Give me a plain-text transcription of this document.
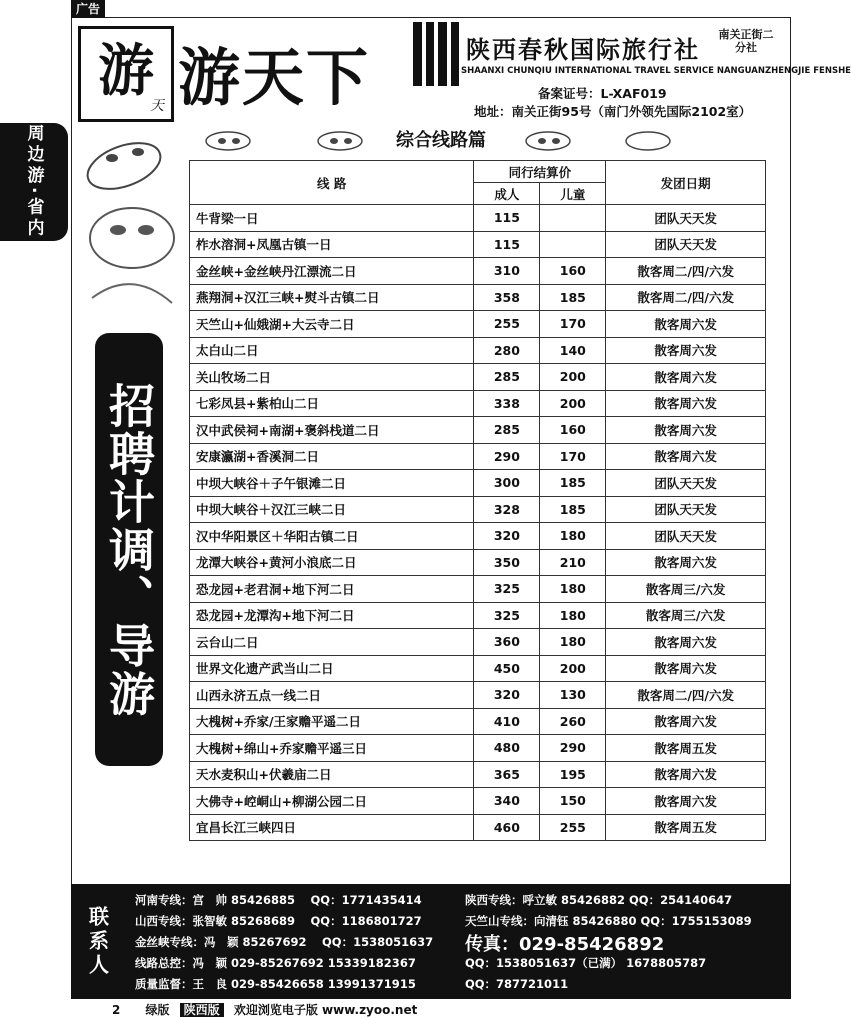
广告
周边游·省内
游 游天下
天
陕西春秋国际旅行社
南关正街二分社
SHAANXI CHUNQIU INTERNATIONAL TRAVEL SERVICE NANGUANZHENGJIE FENSHE
备案证号：L-XAF019
地址：南关正街95号（南门外领先国际2102室）
综合线路篇
招聘计调、导游
线 路	同行结算价		发团日期
	成人	儿童	
牛背梁一日	115		团队天天发
柞水溶洞+凤凰古镇一日	115		团队天天发
金丝峡+金丝峡丹江漂流二日	310	160	散客周二/四/六发
燕翔洞+汉江三峡+熨斗古镇二日	358	185	散客周二/四/六发
天竺山+仙娥湖+大云寺二日	255	170	散客周六发
太白山二日	280	140	散客周六发
关山牧场二日	285	200	散客周六发
七彩凤县+紫柏山二日	338	200	散客周六发
汉中武侯祠+南湖+褒斜栈道二日	285	160	散客周六发
安康瀛湖+香溪洞二日	290	170	散客周六发
中坝大峡谷＋子午银滩二日	300	185	团队天天发
中坝大峡谷＋汉江三峡二日	328	185	团队天天发
汉中华阳景区＋华阳古镇二日	320	180	团队天天发
龙潭大峡谷+黄河小浪底二日	350	210	散客周六发
恐龙园+老君洞+地下河二日	325	180	散客周三/六发
恐龙园+龙潭沟+地下河二日	325	180	散客周三/六发
云台山二日	360	180	散客周六发
世界文化遗产武当山二日	450	200	散客周六发
山西永济五点一线二日	320	130	散客周二/四/六发
大槐树+乔家/王家赡平遥二日	410	260	散客周六发
大槐树+绵山+乔家赡平遥三日	480	290	散客周五发
天水麦积山+伏羲庙二日	365	195	散客周六发
大佛寺+崆峒山+柳湖公园二日	340	150	散客周六发
宜昌长江三峡四日	460	255	散客周五发
联系人
河南专线：宫　帅 85426885　 QQ：1771435414	陕西专线：呼立敏 85426882 QQ：254140647
山西专线：张智敏 85268689　 QQ：1186801727	天竺山专线：向清钰 85426880 QQ：1755153089
金丝峡专线：冯　颖 85267692　 QQ：1538051637 传真：029-85426892
线路总控：冯　颖 029-85267692 15339182367	QQ：1538051637（已满） 1678805787
质量监督：王　良 029-85426658 13991371915	QQ：787721011
2 绿版 陕西版 欢迎浏览电子版 www.zyoo.net
